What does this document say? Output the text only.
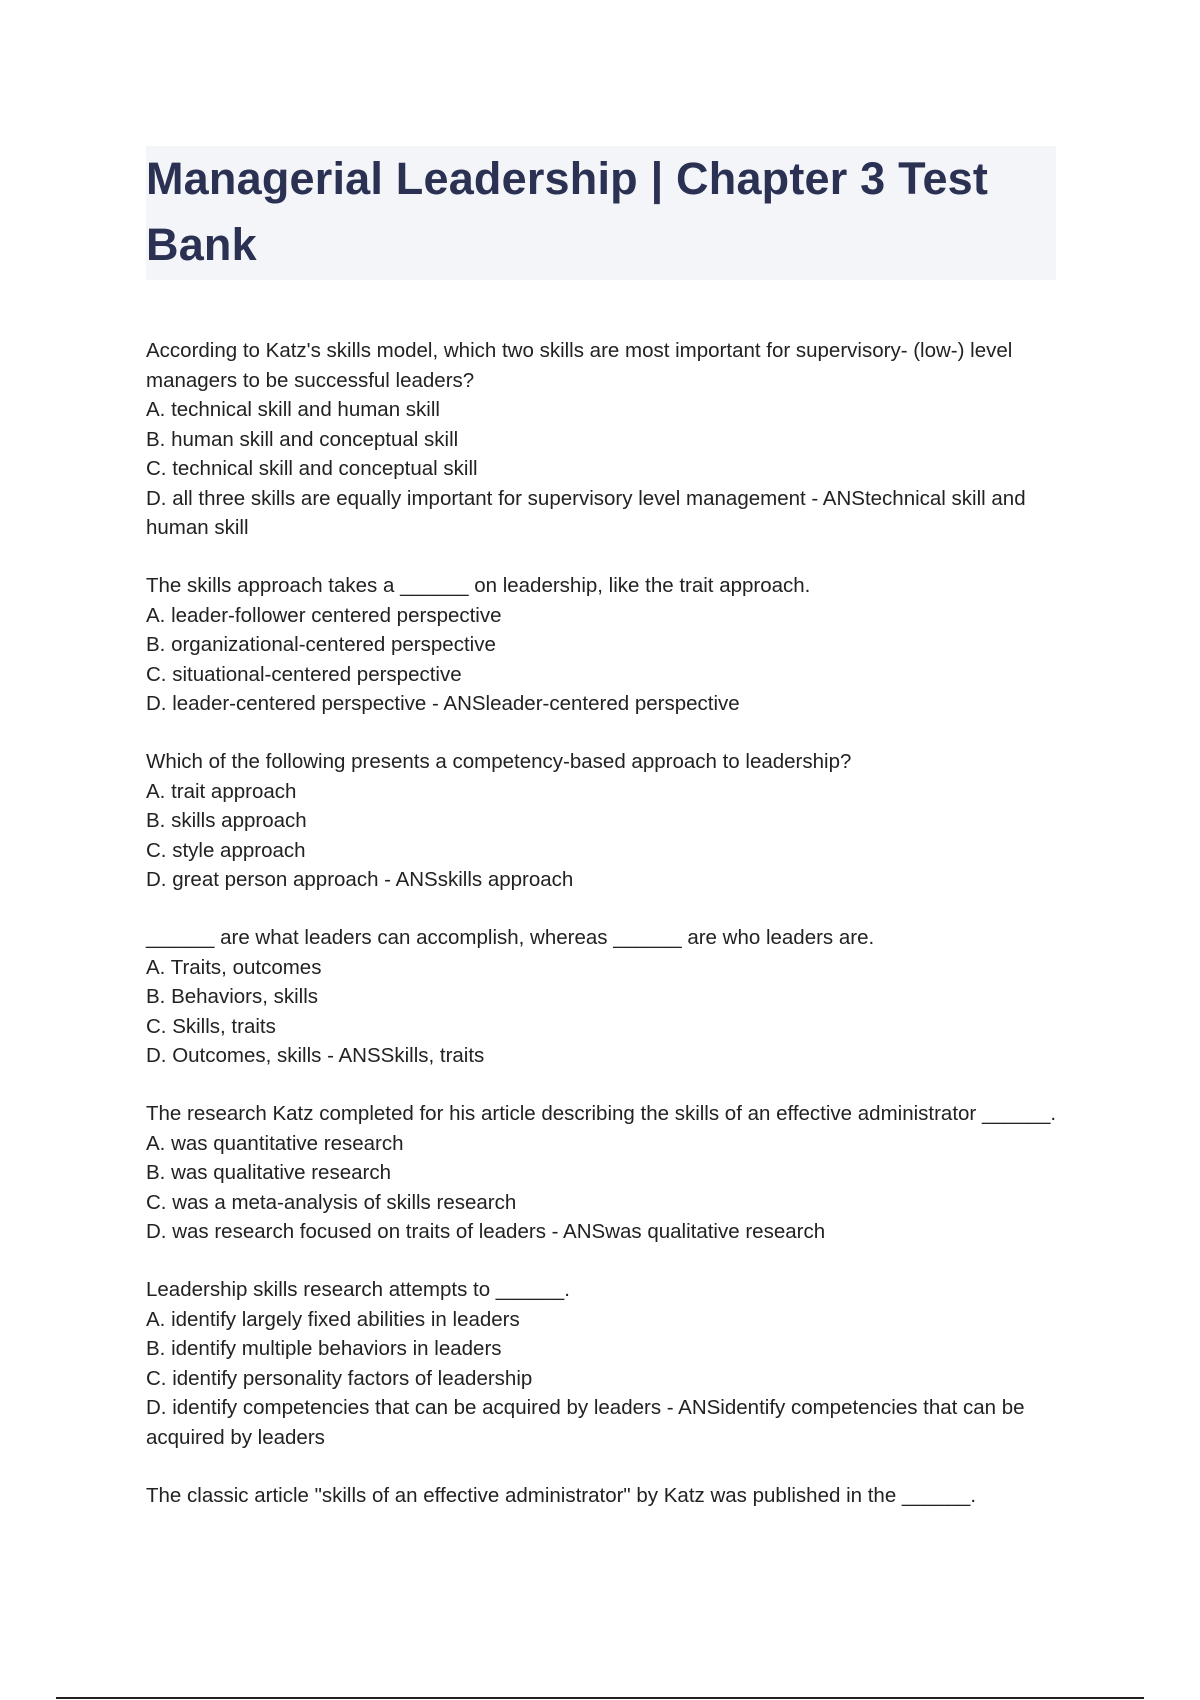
Managerial Leadership | Chapter 3 Test Bank

According to Katz's skills model, which two skills are most important for supervisory- (low-) level managers to be successful leaders?

A. technical skill and human skill

B. human skill and conceptual skill

C. technical skill and conceptual skill

D. all three skills are equally important for supervisory level management - ANStechnical skill and human skill

The skills approach takes a ______ on leadership, like the trait approach.

A. leader-follower centered perspective

B. organizational-centered perspective

C. situational-centered perspective

D. leader-centered perspective - ANSleader-centered perspective

Which of the following presents a competency-based approach to leadership?

A. trait approach

B. skills approach

C. style approach

D. great person approach - ANSskills approach

______ are what leaders can accomplish, whereas ______ are who leaders are.

A. Traits, outcomes

B. Behaviors, skills

C. Skills, traits

D. Outcomes, skills - ANSSkills, traits

The research Katz completed for his article describing the skills of an effective administrator ______.

A. was quantitative research

B. was qualitative research

C. was a meta-analysis of skills research

D. was research focused on traits of leaders - ANSwas qualitative research

Leadership skills research attempts to ______.

A. identify largely fixed abilities in leaders

B. identify multiple behaviors in leaders

C. identify personality factors of leadership

D. identify competencies that can be acquired by leaders - ANSidentify competencies that can be acquired by leaders

The classic article "skills of an effective administrator" by Katz was published in the ______.
